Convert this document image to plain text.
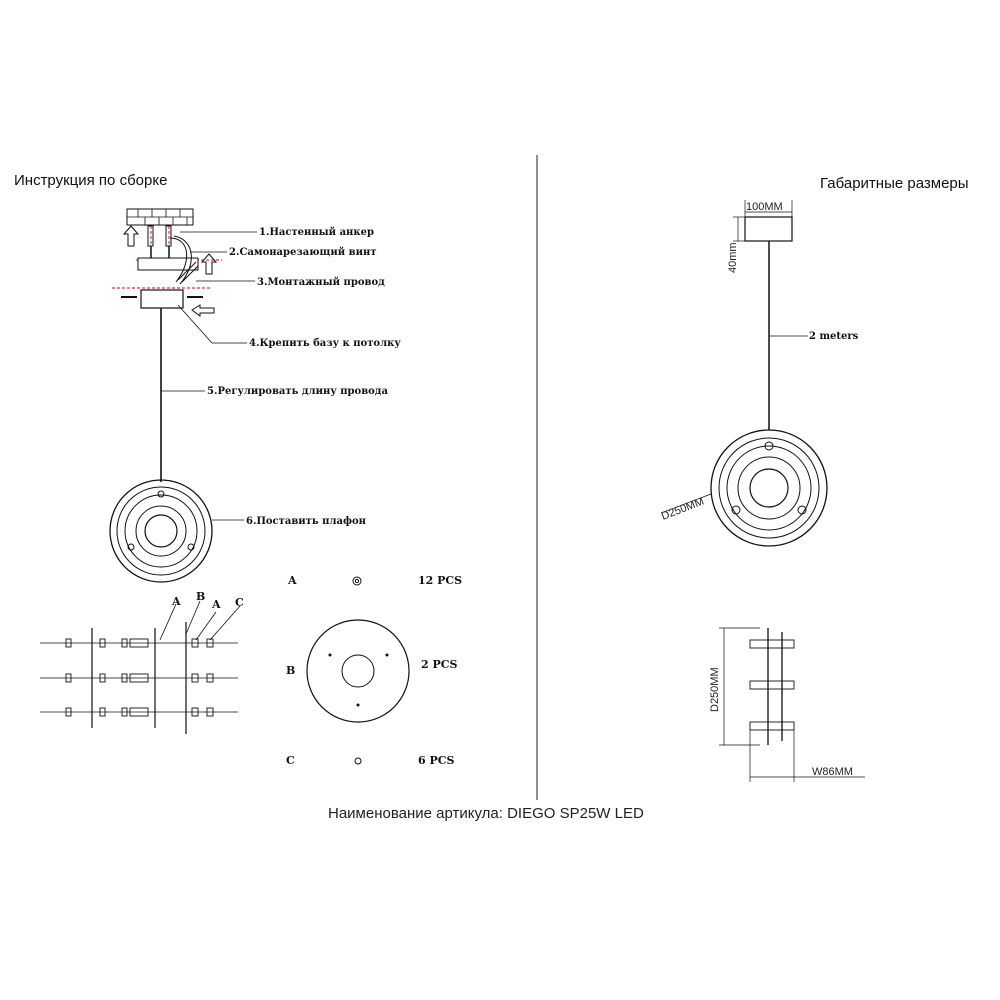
Инструкция по сборке	Габаритные размеры
1.Настенный анкер
2.Самонарезающий винт
3.Монтажный провод
4.Крепить базу к потолку
5.Регулировать длину провода
6.Поставить плафон
A B
A C
A	12 PCS
B	2 PCS
C	6 PCS
100MM
40mm
2 meters
D250MM
D250MM
W86MM
Наименование артикула: DIEGO SP25W LED
